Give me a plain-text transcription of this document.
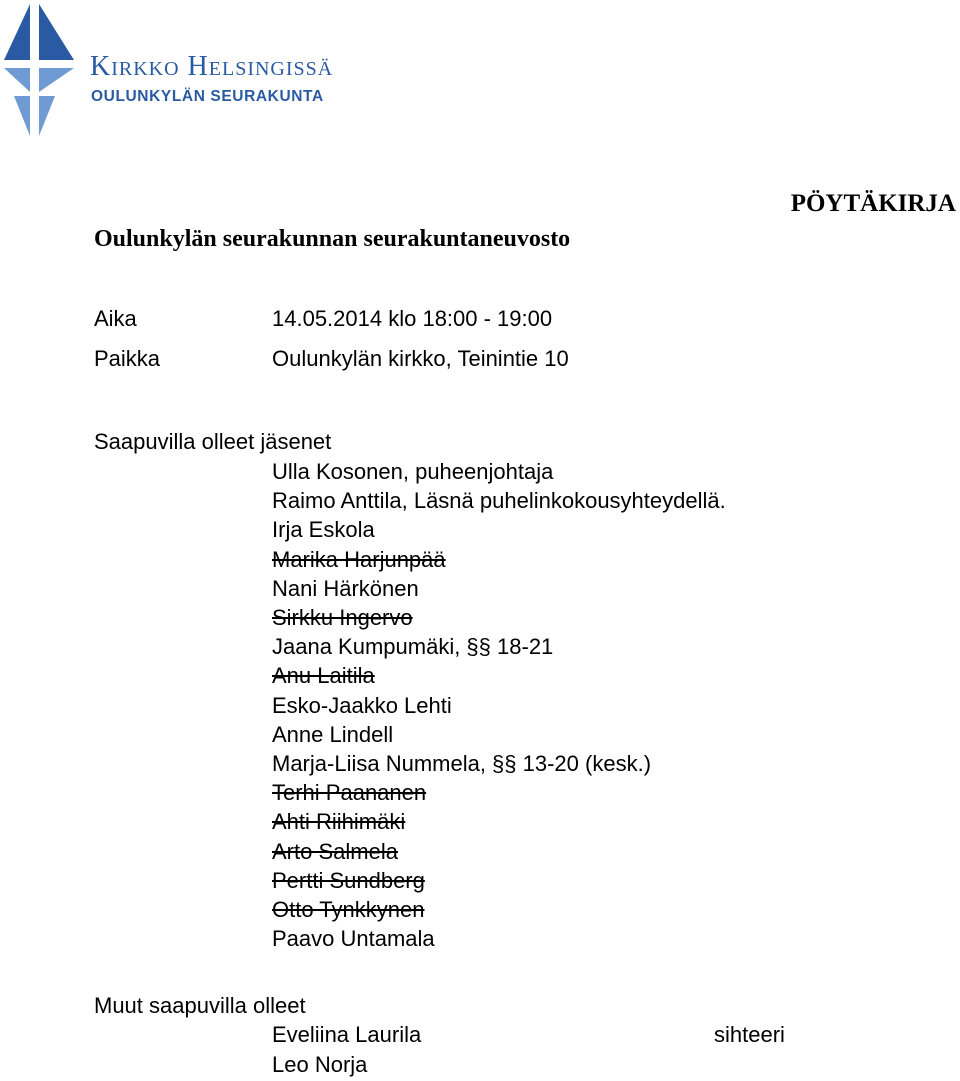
Kirkko Helsingissä
OULUNKYLÄN SEURAKUNTA
PÖYTÄKIRJA
Oulunkylän seurakunnan seurakuntaneuvosto
Aika	14.05.2014 klo 18:00 - 19:00
Paikka	Oulunkylän kirkko, Teinintie 10
Saapuvilla olleet jäsenet
Ulla Kosonen, puheenjohtaja
Raimo Anttila, Läsnä puhelinkokousyhteydellä.
Irja Eskola
Marika Harjunpää
Nani Härkönen
Sirkku Ingervo
Jaana Kumpumäki, §§ 18-21
Anu Laitila
Esko-Jaakko Lehti
Anne Lindell
Marja-Liisa Nummela, §§ 13-20 (kesk.)
Terhi Paananen
Ahti Riihimäki
Arto Salmela
Pertti Sundberg
Otto Tynkkynen
Paavo Untamala
Muut saapuvilla olleet
Eveliina Laurila
Leo Norja
sihteeri
